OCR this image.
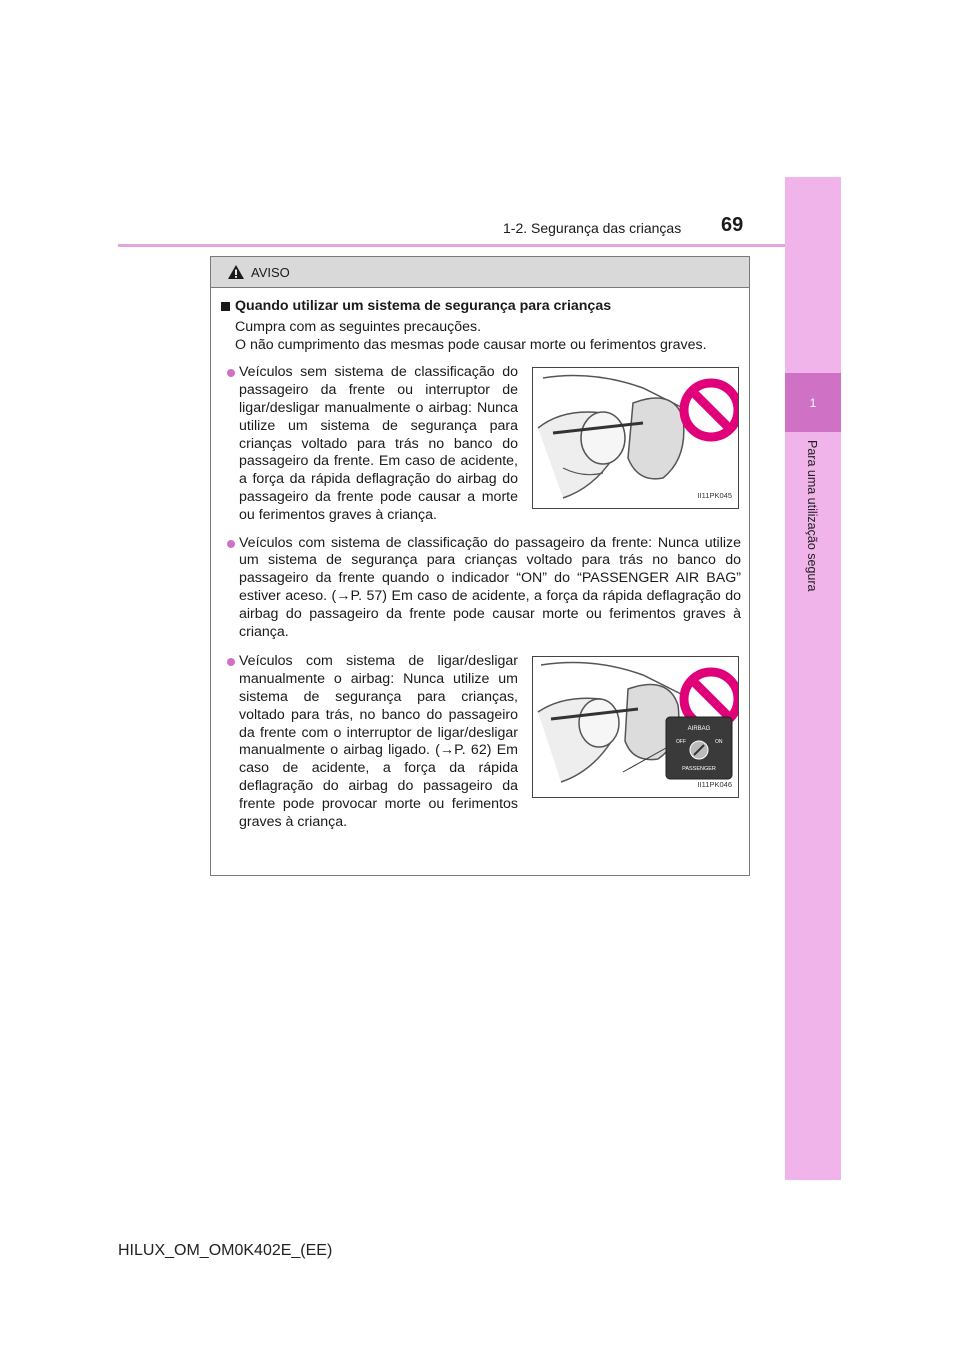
1-2. Segurança das crianças 69
1
Para uma utilização segura
AVISO
Quando utilizar um sistema de segurança para crianças
Cumpra com as seguintes precauções.
O não cumprimento das mesmas pode causar morte ou ferimentos graves.
Veículos sem sistema de classificação do passageiro da frente ou interruptor de ligar/desligar manualmente o airbag: Nunca utilize um sistema de segurança para crianças voltado para trás no banco do passageiro da frente. Em caso de acidente, a força da rápida deflagração do airbag do passageiro da frente pode causar a morte ou ferimentos graves à criança.
II11PK045
Veículos com sistema de classificação do passageiro da frente: Nunca utilize um sistema de segurança para crianças voltado para trás no banco do passageiro da frente quando o indicador “ON” do “PASSENGER AIR BAG” estiver aceso. (→P. 57) Em caso de acidente, a força da rápida deflagração do airbag do passageiro da frente pode causar morte ou ferimentos graves à criança.
Veículos com sistema de ligar/desligar manualmente o airbag: Nunca utilize um sistema de segurança para crianças, voltado para trás, no banco do passageiro da frente com o interruptor de ligar/desligar manualmente o airbag ligado. (→P. 62) Em caso de acidente, a força da rápida deflagração do airbag do passageiro da frente pode provocar morte ou ferimentos graves à criança.
AIRBAG
OFF	ON
PASSENGER
II11PK046
HILUX_OM_OM0K402E_(EE)
